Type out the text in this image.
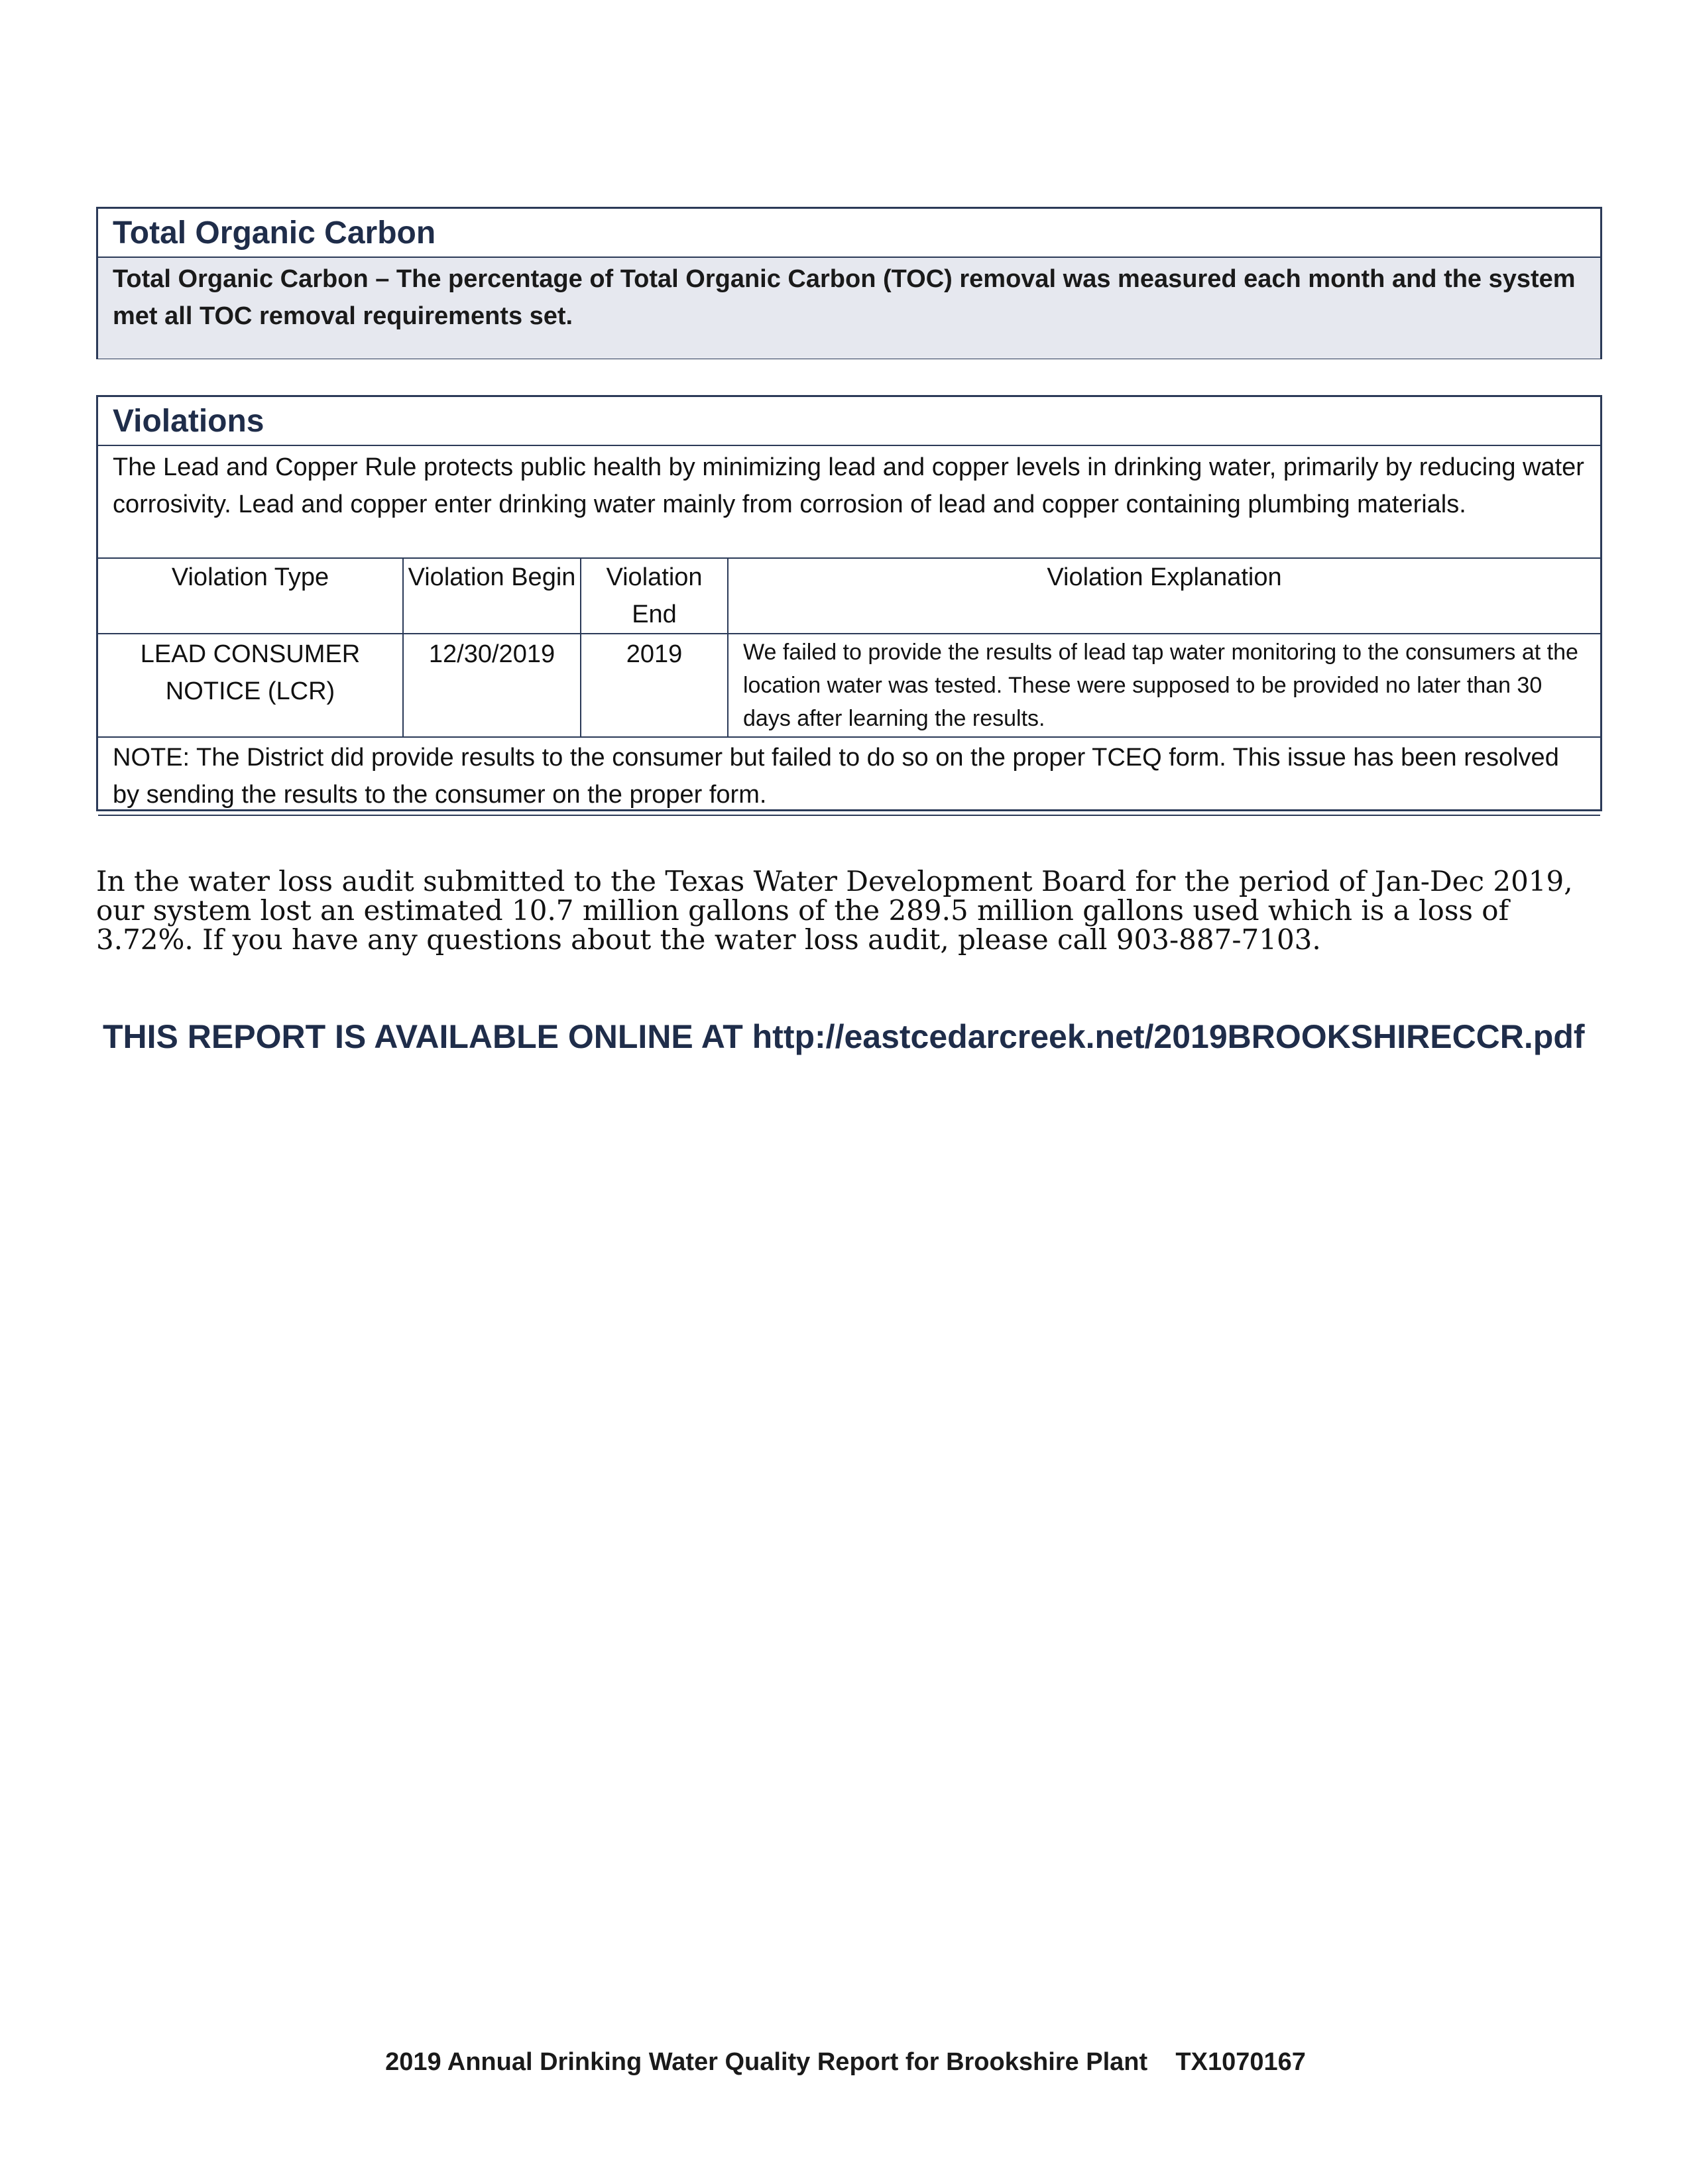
Total Organic Carbon
Total Organic Carbon – The percentage of Total Organic Carbon (TOC) removal was measured each month and the system met all TOC removal requirements set.
Violations
The Lead and Copper Rule protects public health by minimizing lead and copper levels in drinking water, primarily by reducing water corrosivity. Lead and copper enter drinking water mainly from corrosion of lead and copper containing plumbing materials.
Violation Type	Violation Begin	Violation End	Violation Explanation
LEAD CONSUMER NOTICE (LCR)	12/30/2019	2019	We failed to provide the results of lead tap water monitoring to the consumers at the location water was tested. These were supposed to be provided no later than 30 days after learning the results.
NOTE: The District did provide results to the consumer but failed to do so on the proper TCEQ form. This issue has been resolved by sending the results to the consumer on the proper form.			
In the water loss audit submitted to the Texas Water Development Board for the period of Jan-Dec 2019, our system lost an estimated 10.7 million gallons of the 289.5 million gallons used which is a loss of 3.72%. If you have any questions about the water loss audit, please call 903-887-7103.
THIS REPORT IS AVAILABLE ONLINE AT http://eastcedarcreek.net/2019BROOKSHIRECCR.pdf
2019 Annual Drinking Water Quality Report for Brookshire Plant TX1070167
